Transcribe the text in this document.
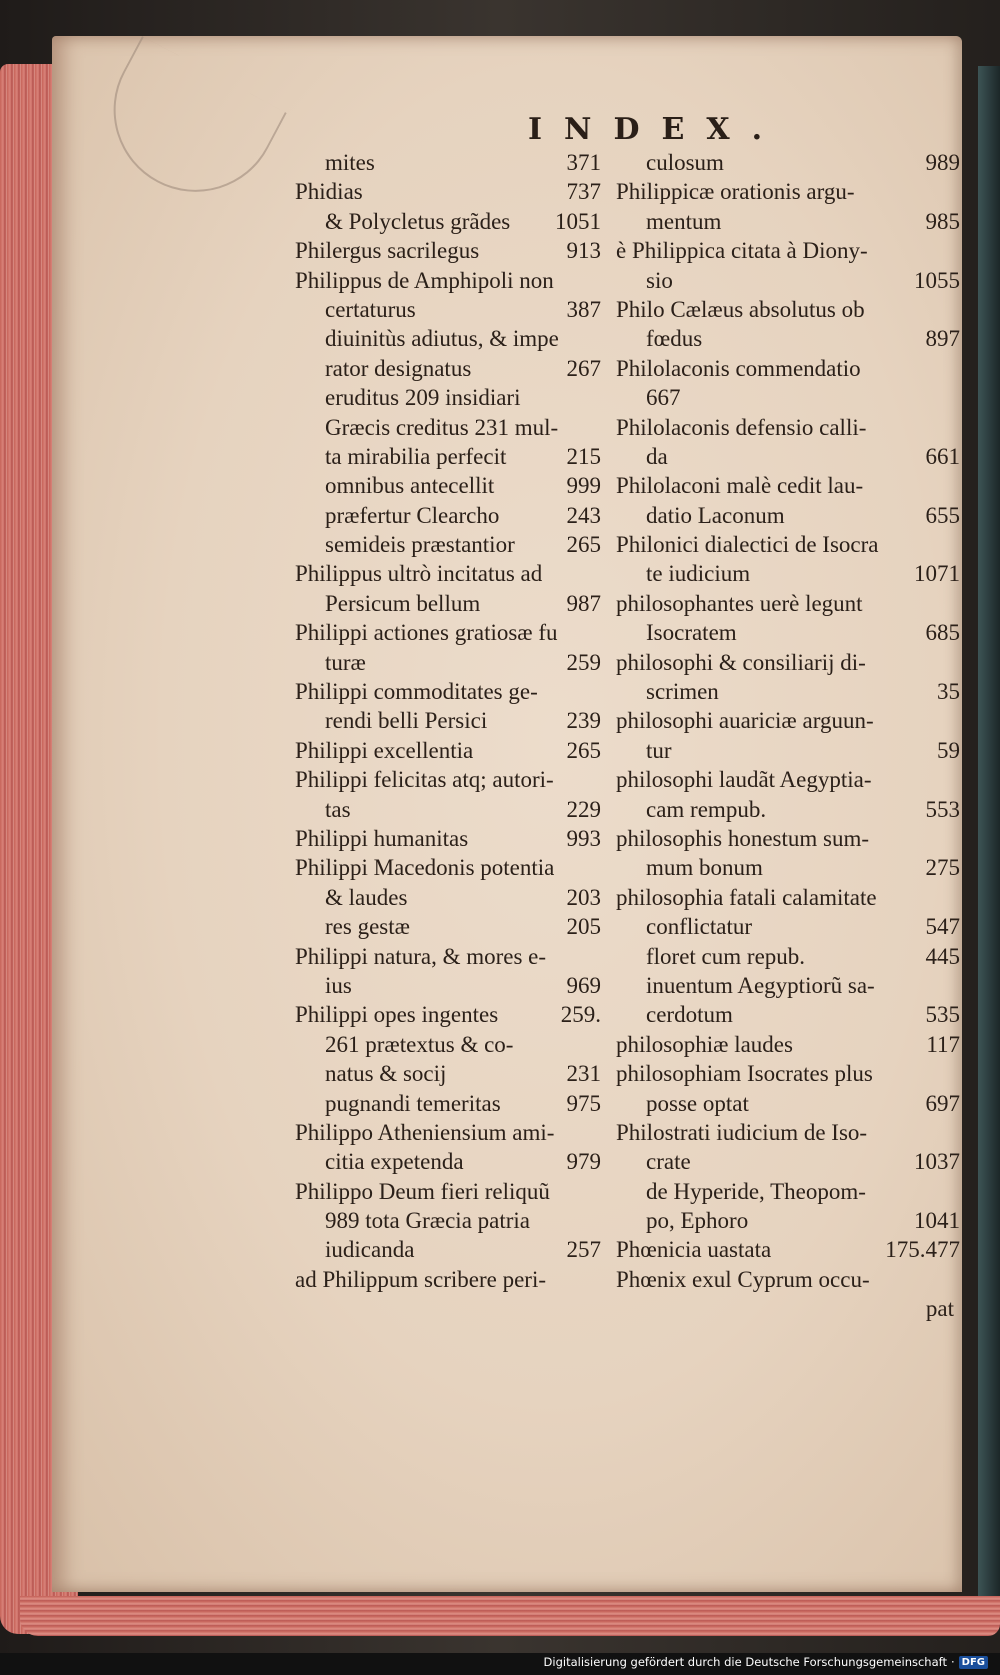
INDEX.
mites	371
Phidias	737
& Polycletus grãdes 1051
Philergus sacrilegus	913
Philippus de Amphipoli non
certaturus	387
diuinitùs adiutus, & impe
rator designatus	267
eruditus 209 insidiari
Græcis creditus 231 mul-
ta mirabilia perfecit	215
omnibus antecellit	999
præfertur Clearcho	243
semideis præstantior 265
Philippus ultrò incitatus ad
Persicum bellum	987
Philippi actiones gratiosæ fu
turæ	259
Philippi commoditates ge-
rendi belli Persici	239
Philippi excellentia	265
Philippi felicitas atq; autori-
tas	229
Philippi humanitas	993
Philippi Macedonis potentia
& laudes	203
res gestæ	205
Philippi natura, & mores e-
ius	969
Philippi opes ingentes	259.
261 prætextus & co-
natus & socij	231
pugnandi temeritas	975
Philippo Atheniensium ami-
citia expetenda	979
Philippo Deum fieri reliquũ
989 tota Græcia patria
iudicanda	257
ad Philippum scribere peri-
culosum	989
Philippicæ orationis argu-
mentum	985
è Philippica citata à Diony-
sio	1055
Philo Cælæus absolutus ob
fœdus	897
Philolaconis commendatio
667
Philolaconis defensio calli-
da	661
Philolaconi malè cedit lau-
datio Laconum	655
Philonici dialectici de Isocra
te iudicium	1071
philosophantes uerè legunt
Isocratem	685
philosophi & consiliarij di-
scrimen	35
philosophi auariciæ arguun-
tur	59
philosophi laudãt Aegyptia-
cam rempub.	553
philosophis honestum sum-
mum bonum	275
philosophia fatali calamitate
conflictatur	547
floret cum repub.	445
inuentum Aegyptiorũ sa-
cerdotum	535
philosophiæ laudes	117
philosophiam Isocrates plus
posse optat	697
Philostrati iudicium de Iso-
crate	1037
de Hyperide, Theopom-
po, Ephoro	1041
Phœnicia uastata	175.477
Phœnix exul Cyprum occu-
pat
Digitalisierung gefördert durch die Deutsche Forschungsgemeinschaft · DFG
